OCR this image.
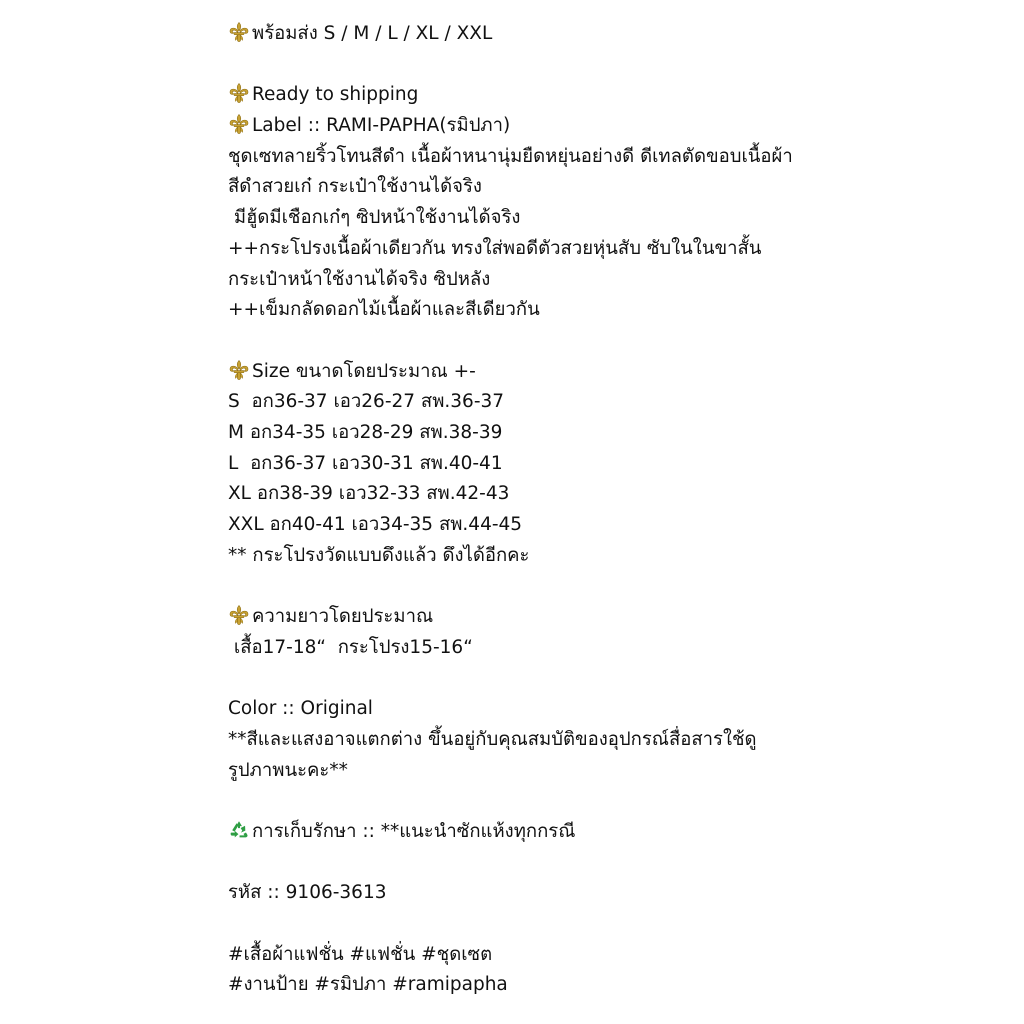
พร้อมส่ง S / M / L / XL / XXL
Ready to shipping
Label :: RAMI-PAPHA(รมิปภา)
ชุดเซทลายริ้วโทนสีดำ เนื้อผ้าหนานุ่มยืดหยุ่นอย่างดี ดีเทลตัดขอบเนื้อผ้า
สีดำสวยเก๋ กระเป๋าใช้งานได้จริง
มีฮู้ดมีเชือกเก๋ๆ ซิปหน้าใช้งานได้จริง
++กระโปรงเนื้อผ้าเดียวกัน ทรงใส่พอดีตัวสวยหุ่นสับ ซับในในขาสั้น
กระเป๋าหน้าใช้งานได้จริง ซิปหลัง
++เข็มกลัดดอกไม้เนื้อผ้าและสีเดียวกัน
Size ขนาดโดยประมาณ +-
S  อก36-37 เอว26-27 สพ.36-37
M อก34-35 เอว28-29 สพ.38-39
L  อก36-37 เอว30-31 สพ.40-41
XL อก38-39 เอว32-33 สพ.42-43
XXL อก40-41 เอว34-35 สพ.44-45
** กระโปรงวัดแบบดึงแล้ว ดึงได้อีกคะ
ความยาวโดยประมาณ
เสื้อ17-18“  กระโปรง15-16“
Color :: Original
**สีและแสงอาจแตกต่าง ขึ้นอยู่กับคุณสมบัติของอุปกรณ์สื่อสารใช้ดู
รูปภาพนะคะ**
การเก็บรักษา :: **แนะนำซักแห้งทุกกรณี
รหัส :: 9106-3613
#เสื้อผ้าแฟชั่น #แฟชั่น #ชุดเซต
#งานป้าย #รมิปภา #ramipapha
